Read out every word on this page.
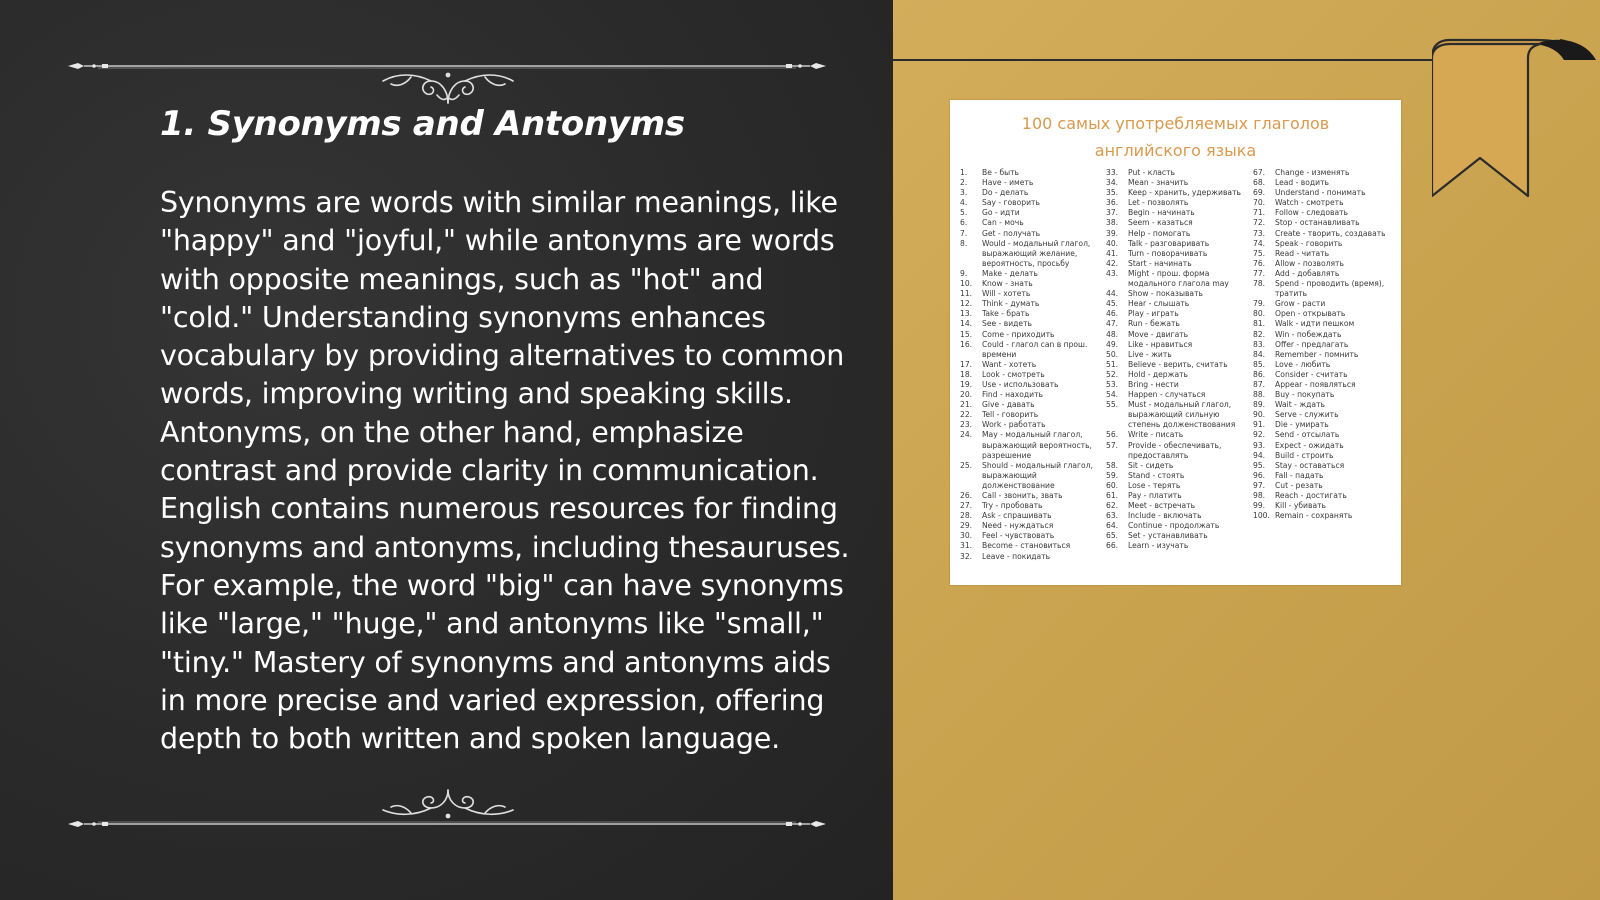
1. Synonyms and Antonyms
Synonyms are words with similar meanings, like "happy" and "joyful," while antonyms are words with opposite meanings, such as "hot" and "cold." Understanding synonyms enhances vocabulary by providing alternatives to common words, improving writing and speaking skills. Antonyms, on the other hand, emphasize contrast and provide clarity in communication. English contains numerous resources for finding synonyms and antonyms, including thesauruses. For example, the word "big" can have synonyms like "large," "huge," and antonyms like "small," "tiny." Mastery of synonyms and antonyms aids in more precise and varied expression, offering depth to both written and spoken language.
100 самых употребляемых глаголов
английского языка
1.	Be - быть
2.	Have - иметь
3.	Do - делать
4.	Say - говорить
5.	Go - идти
6.	Can - мочь
7.	Get - получать
8.	Would - модальный глагол, выражающий желание, вероятность, просьбу
9.	Make - делать
10.	Know - знать
11.	Will - хотеть
12.	Think - думать
13.	Take - брать
14.	See - видеть
15.	Come - приходить
16.	Could - глагол can в прош. времени
17.	Want - хотеть
18.	Look - смотреть
19.	Use - использовать
20.	Find - находить
21.	Give - давать
22.	Tell - говорить
23.	Work - работать
24.	May - модальный глагол, выражающий вероятность, разрешение
25.	Should - модальный глагол, выражающий долженствование
26.	Call - звонить, звать
27.	Try - пробовать
28.	Ask - спрашивать
29.	Need - нуждаться
30.	Feel - чувствовать
31.	Become - становиться
32.	Leave - покидать
33.	Put - класть
34.	Mean - значить
35.	Keep - хранить, удерживать
36.	Let - позволять
37.	Begin - начинать
38.	Seem - казаться
39.	Help - помогать
40.	Talk - разговаривать
41.	Turn - поворачивать
42.	Start - начинать
43.	Might - прош. форма модального глагола may
44.	Show - показывать
45.	Hear - слышать
46.	Play - играть
47.	Run - бежать
48.	Move - двигать
49.	Like - нравиться
50.	Live - жить
51.	Believe - верить, считать
52.	Hold - держать
53.	Bring - нести
54.	Happen - случаться
55.	Must - модальный глагол, выражающий сильную степень долженствования
56.	Write - писать
57.	Provide - обеспечивать, предоставлять
58.	Sit - сидеть
59.	Stand - стоять
60.	Lose - терять
61.	Pay - платить
62.	Meet - встречать
63.	Include - включать
64.	Continue - продолжать
65.	Set - устанавливать
66.	Learn - изучать
67.	Change - изменять
68.	Lead - водить
69.	Understand - понимать
70.	Watch - смотреть
71.	Follow - следовать
72.	Stop - останавливать
73.	Create - творить, создавать
74.	Speak - говорить
75.	Read - читать
76.	Allow - позволять
77.	Add - добавлять
78.	Spend - проводить (время), тратить
79.	Grow - расти
80.	Open - открывать
81.	Walk - идти пешком
82.	Win - побеждать
83.	Offer - предлагать
84.	Remember - помнить
85.	Love - любить
86.	Consider - считать
87.	Appear - появляться
88.	Buy - покупать
89.	Wait - ждать
90.	Serve - служить
91.	Die - умирать
92.	Send - отсылать
93.	Expect - ожидать
94.	Build - строить
95.	Stay - оставаться
96.	Fall - падать
97.	Cut - резать
98.	Reach - достигать
99.	Kill - убивать
100. Remain - сохранять
